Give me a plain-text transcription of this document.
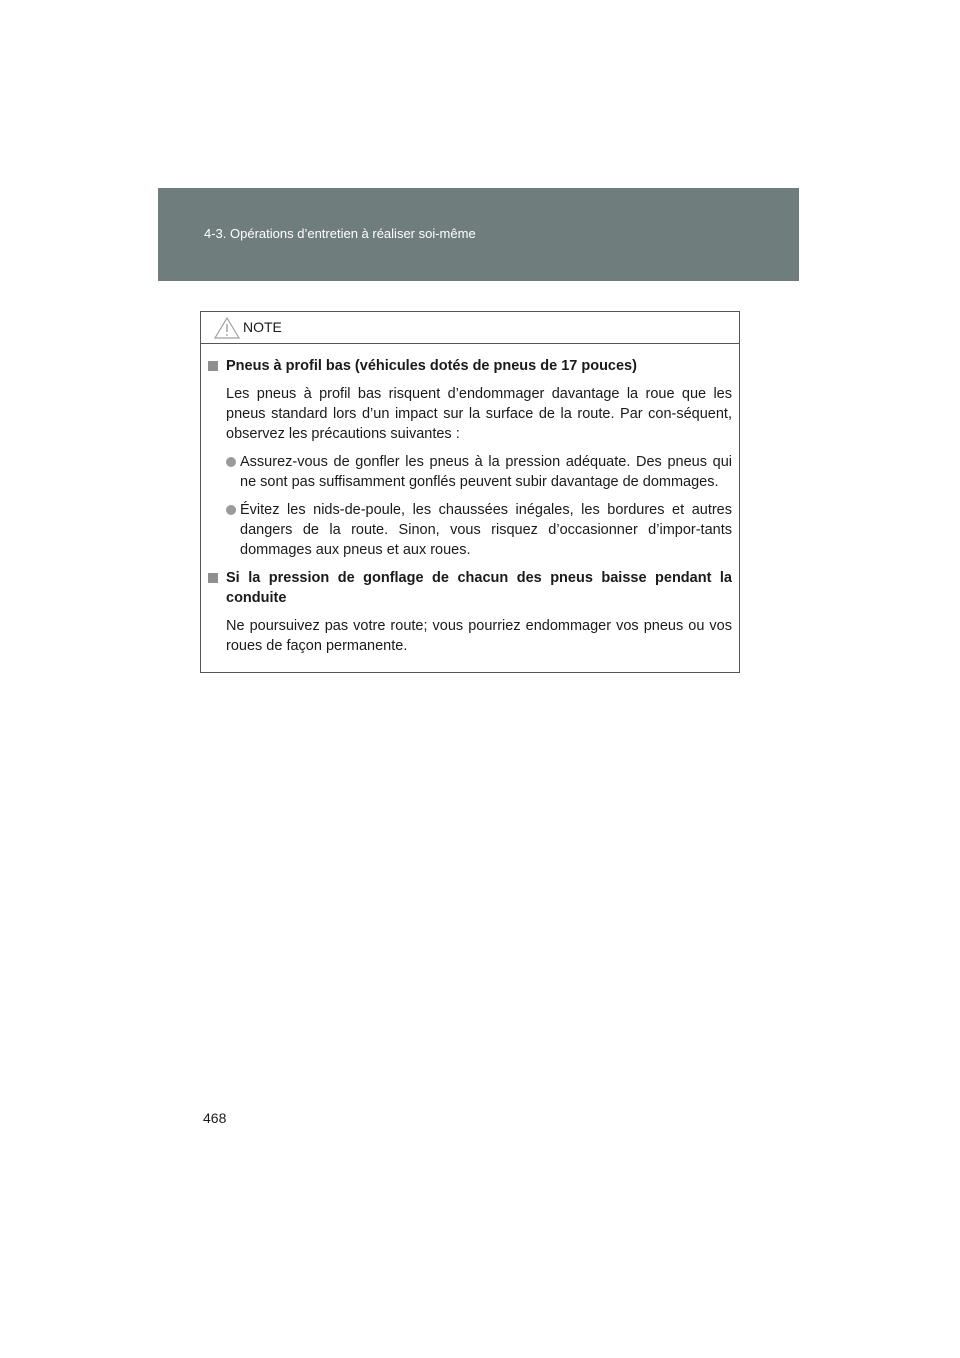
4-3. Opérations d’entretien à réaliser soi-même
NOTE
Pneus à profil bas (véhicules dotés de pneus de 17 pouces)
Les pneus à profil bas risquent d’endommager davantage la roue que les pneus standard lors d’un impact sur la surface de la route. Par con-séquent, observez les précautions suivantes :
Assurez-vous de gonfler les pneus à la pression adéquate. Des pneus qui ne sont pas suffisamment gonflés peuvent subir davantage de dommages.
Évitez les nids-de-poule, les chaussées inégales, les bordures et autres dangers de la route. Sinon, vous risquez d’occasionner d’impor-tants dommages aux pneus et aux roues.
Si la pression de gonflage de chacun des pneus baisse pendant la conduite
Ne poursuivez pas votre route; vous pourriez endommager vos pneus ou vos roues de façon permanente.
468
